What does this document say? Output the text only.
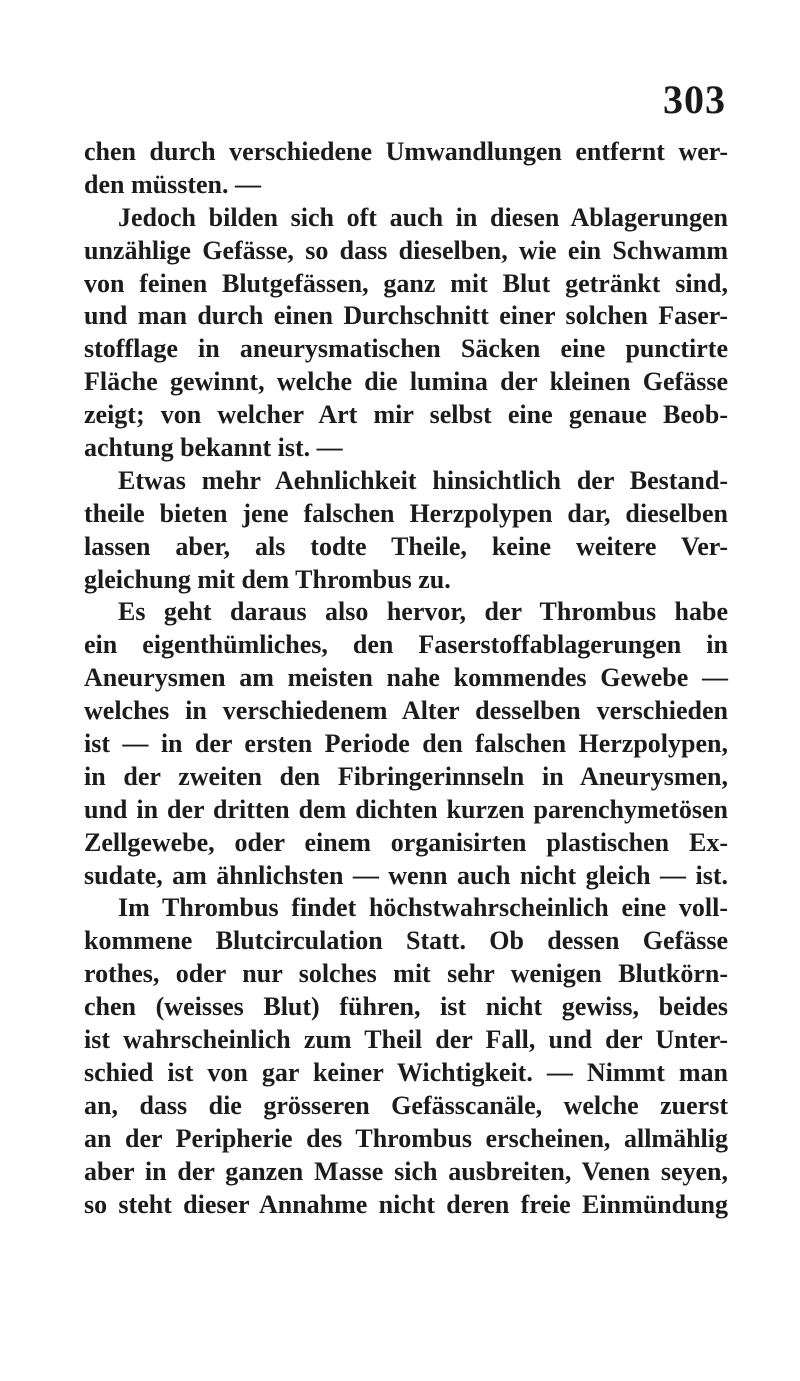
303
chen durch verschiedene Umwandlungen entfernt wer-
den müssten. —
Jedoch bilden sich oft auch in diesen Ablagerungen
unzählige Gefässe, so dass dieselben, wie ein Schwamm
von feinen Blutgefässen, ganz mit Blut getränkt sind,
und man durch einen Durchschnitt einer solchen Faser-
stofflage in aneurysmatischen Säcken eine punctirte
Fläche gewinnt, welche die lumina der kleinen Gefässe
zeigt; von welcher Art mir selbst eine genaue Beob-
achtung bekannt ist. —
Etwas mehr Aehnlichkeit hinsichtlich der Bestand-
theile bieten jene falschen Herzpolypen dar, dieselben
lassen aber, als todte Theile, keine weitere Ver-
gleichung mit dem Thrombus zu.
Es geht daraus also hervor, der Thrombus habe
ein eigenthümliches, den Faserstoffablagerungen in
Aneurysmen am meisten nahe kommendes Gewebe —
welches in verschiedenem Alter desselben verschieden
ist — in der ersten Periode den falschen Herzpolypen,
in der zweiten den Fibringerinnseln in Aneurysmen,
und in der dritten dem dichten kurzen parenchymetösen
Zellgewebe, oder einem organisirten plastischen Ex-
sudate, am ähnlichsten — wenn auch nicht gleich — ist.
Im Thrombus findet höchstwahrscheinlich eine voll-
kommene Blutcirculation Statt. Ob dessen Gefässe
rothes, oder nur solches mit sehr wenigen Blutkörn-
chen (weisses Blut) führen, ist nicht gewiss, beides
ist wahrscheinlich zum Theil der Fall, und der Unter-
schied ist von gar keiner Wichtigkeit. — Nimmt man
an, dass die grösseren Gefässcanäle, welche zuerst
an der Peripherie des Thrombus erscheinen, allmählig
aber in der ganzen Masse sich ausbreiten, Venen seyen,
so steht dieser Annahme nicht deren freie Einmündung
